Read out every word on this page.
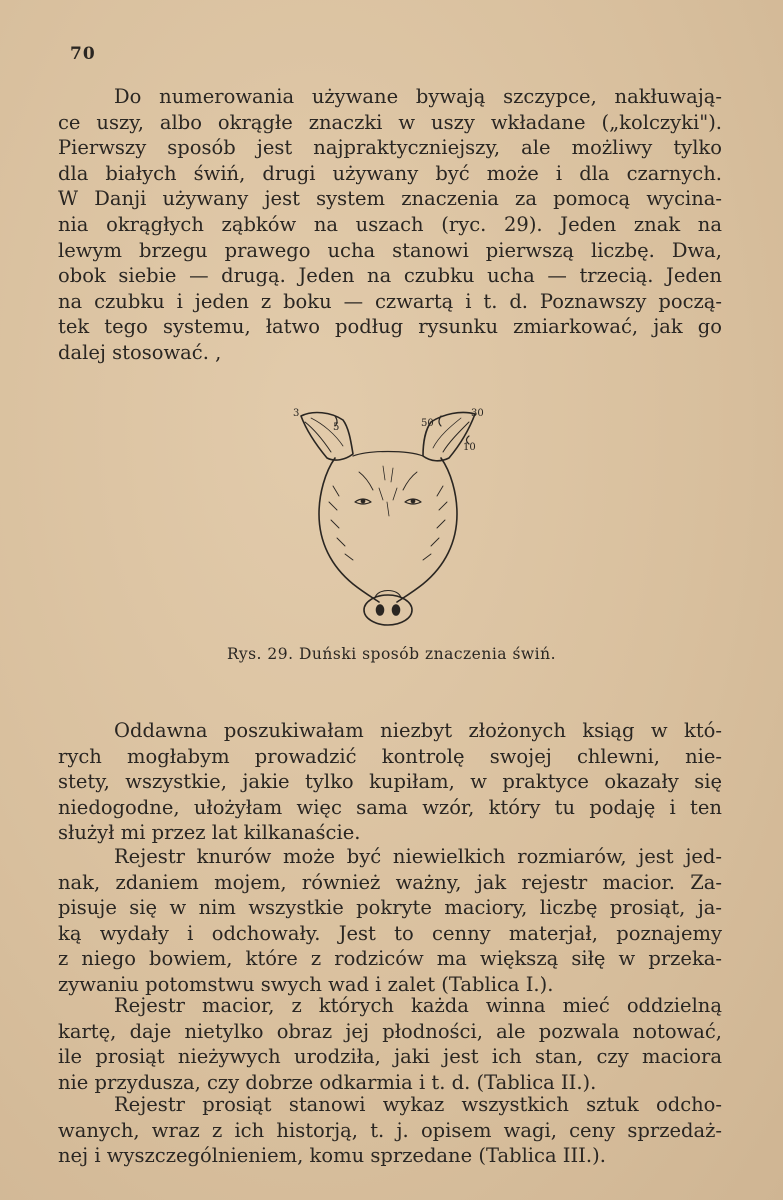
70
Do numerowania używane bywają szczypce, nakłuwają-
ce uszy, albo okrągłe znaczki w uszy wkładane („kolczyki").
Pierwszy sposób jest najpraktyczniejszy, ale możliwy tylko
dla białych świń, drugi używany być może i dla czarnych.
W Danji używany jest system znaczenia za pomocą wycina-
nia okrągłych ząbków na uszach (ryc. 29). Jeden znak na
lewym brzegu prawego ucha stanowi pierwszą liczbę. Dwa,
obok siebie — drugą. Jeden na czubku ucha — trzecią. Jeden
na czubku i jeden z boku — czwartą i t. d. Poznawszy począ-
tek tego systemu, łatwo podług rysunku zmiarkować, jak go
dalej stosować. ,
3
5	50
30
10
Rys. 29. Duński sposób znaczenia świń.
Oddawna poszukiwałam niezbyt złożonych ksiąg w któ-
rych mogłabym prowadzić kontrolę swojej chlewni, nie-
stety, wszystkie, jakie tylko kupiłam, w praktyce okazały się
niedogodne, ułożyłam więc sama wzór, który tu podaję i ten
służył mi przez lat kilkanaście.
Rejestr knurów może być niewielkich rozmiarów, jest jed-
nak, zdaniem mojem, również ważny, jak rejestr macior. Za-
pisuje się w nim wszystkie pokryte maciory, liczbę prosiąt, ja-
ką wydały i odchowały. Jest to cenny materjał, poznajemy
z niego bowiem, które z rodziców ma większą siłę w przeka-
zywaniu potomstwu swych wad i zalet (Tablica I.).
Rejestr macior, z których każda winna mieć oddzielną
kartę, daje nietylko obraz jej płodności, ale pozwala notować,
ile prosiąt nieżywych urodziła, jaki jest ich stan, czy maciora
nie przydusza, czy dobrze odkarmia i t. d. (Tablica II.).
Rejestr prosiąt stanowi wykaz wszystkich sztuk odcho-
wanych, wraz z ich historją, t. j. opisem wagi, ceny sprzedaż-
nej i wyszczególnieniem, komu sprzedane (Tablica III.).
